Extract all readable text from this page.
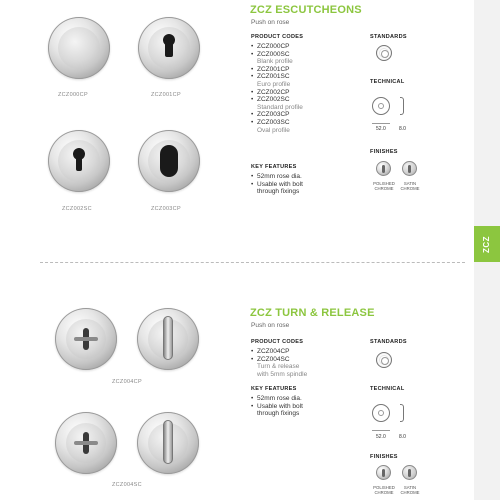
ZCZ
ZCZ000CP	ZCZ001CP
ZCZ002SC	ZCZ003CP
ZCZ ESCUTCHEONS
Push on rose
PRODUCT CODES
• ZCZ000CP
• ZCZ000SC
Blank profile
• ZCZ001CP
• ZCZ001SC
Euro profile
• ZCZ002CP
• ZCZ002SC
Standard profile
• ZCZ003CP
• ZCZ003SC
Oval profile
KEY FEATURES
• 52mm rose dia.
• Usable with bolt
through fixings
STANDARDS
TECHNICAL
52.0	8.0
FINISHES
POLISHED
CHROME
SATIN
CHROME
ZCZ004CP
ZCZ004SC
ZCZ TURN & RELEASE
Push on rose
PRODUCT CODES
• ZCZ004CP
• ZCZ004SC
Turn & release
with 5mm spindle
KEY FEATURES
• 52mm rose dia.
• Usable with bolt
through fixings
STANDARDS
TECHNICAL
52.0	8.0
FINISHES
POLISHED
CHROME
SATIN
CHROME
